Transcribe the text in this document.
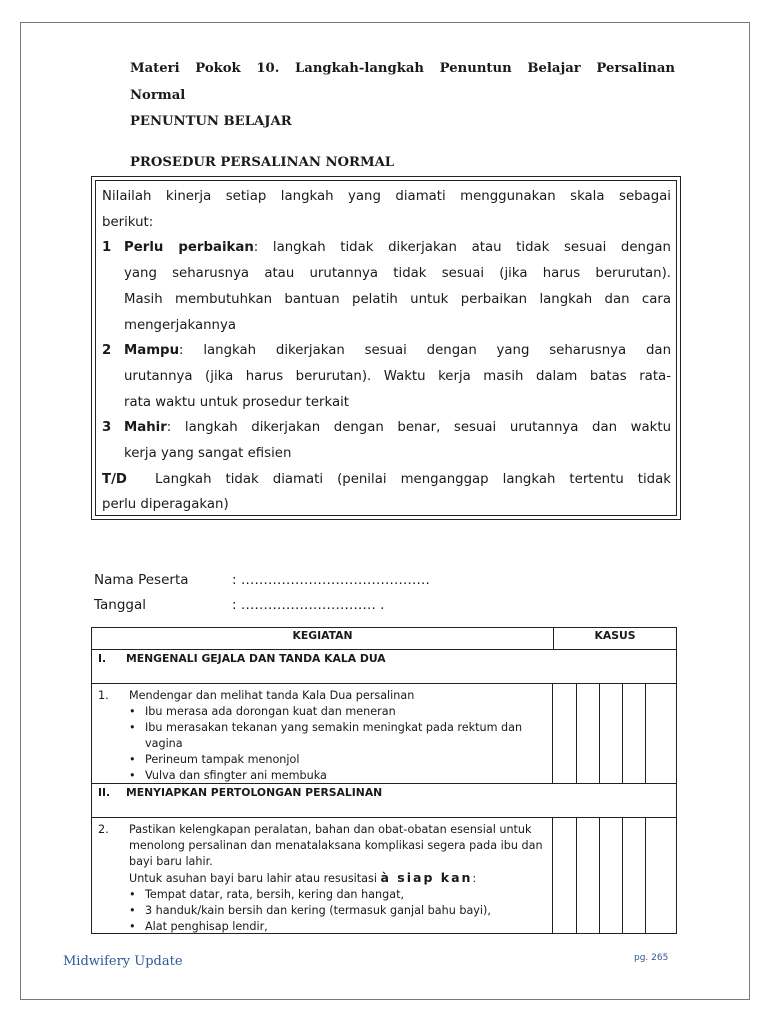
Materi Pokok 10. Langkah-langkah Penuntun Belajar Persalinan
Normal
PENUNTUN BELAJAR
PROSEDUR PERSALINAN NORMAL
Nilailah kinerja setiap langkah yang diamati menggunakan skala sebagai
berikut:
1 Perlu perbaikan: langkah tidak dikerjakan atau tidak sesuai dengan
yang seharusnya atau urutannya tidak sesuai (jika harus berurutan).
Masih membutuhkan bantuan pelatih untuk perbaikan langkah dan cara
mengerjakannya
2 Mampu: langkah dikerjakan sesuai dengan yang seharusnya dan
urutannya (jika harus berurutan). Waktu kerja masih dalam batas rata-
rata waktu untuk prosedur terkait
3 Mahir: langkah dikerjakan dengan benar, sesuai urutannya dan waktu
kerja yang sangat efisien
T/D Langkah tidak diamati (penilai menganggap langkah tertentu tidak
perlu diperagakan)
Nama Peserta	: ……………………………………
Tanggal	: ………………………… .
KEGIATAN	KASUS
I. MENGENALI GEJALA DAN TANDA KALA DUA
1.	Mendengar dan melihat tanda Kala Dua persalinan
• Ibu merasa ada dorongan kuat dan meneran
• Ibu merasakan tekanan yang semakin meningkat pada rektum dan vagina
• Perineum tampak menonjol
• Vulva dan sfingter ani membuka
II. MENYIAPKAN PERTOLONGAN PERSALINAN
2.	Pastikan kelengkapan peralatan, bahan dan obat-obatan esensial untuk menolong persalinan dan menatalaksana komplikasi segera pada ibu dan bayi baru lahir.
Untuk asuhan bayi baru lahir atau resusitasi à siap kan:
• Tempat datar, rata, bersih, kering dan hangat,
• 3 handuk/kain bersih dan kering (termasuk ganjal bahu bayi),
• Alat penghisap lendir,
Midwifery Update	pg. 265
